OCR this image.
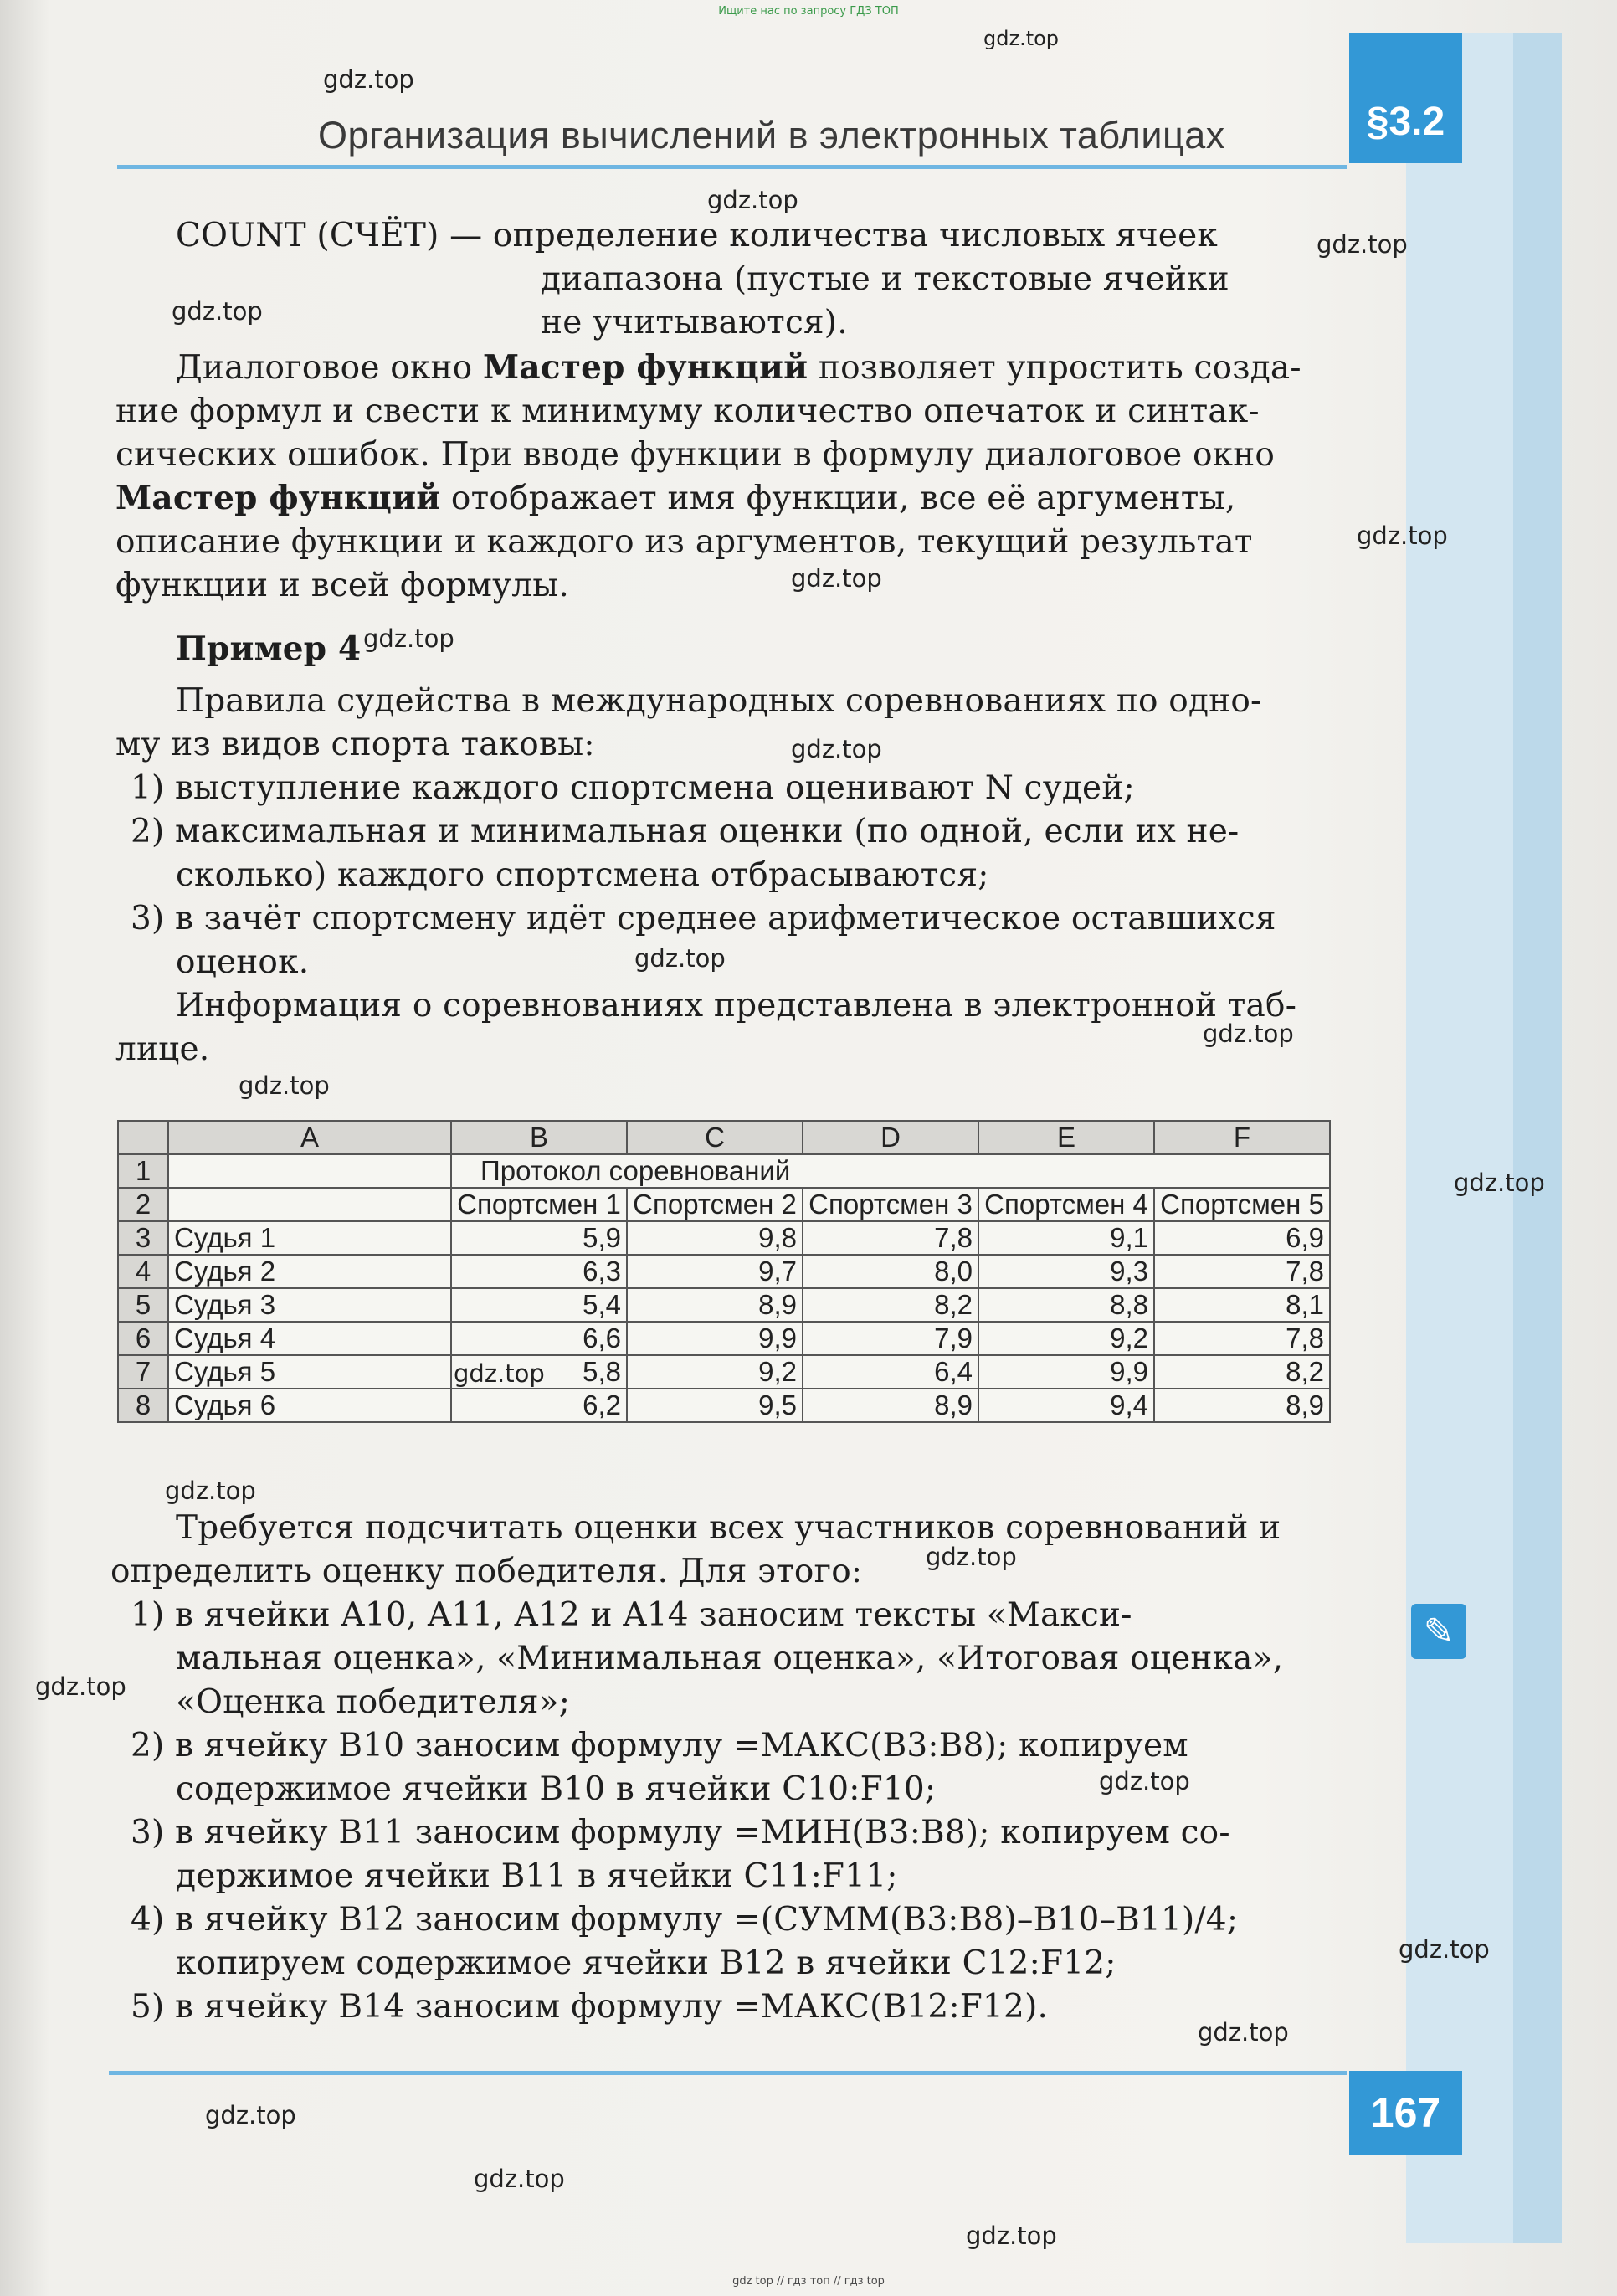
Ищите нас по запросу ГДЗ ТОП
Организация вычислений в электронных таблицах	§3.2
COUNT (СЧЁТ) — определение количества числовых ячеек
диапазона (пустые и текстовые ячейки
не учитываются).
Диалоговое окно Мастер функций позволяет упростить созда-
ние формул и свести к минимуму количество опечаток и синтак-
сических ошибок. При вводе функции в формулу диалоговое окно
Мастер функций отображает имя функции, все её аргументы,
описание функции и каждого из аргументов, текущий результат
функции и всей формулы.
Пример 4
Правила судейства в международных соревнованиях по одно-
му из видов спорта таковы:
1) выступление каждого спортсмена оценивают N судей;
2) максимальная и минимальная оценки (по одной, если их не-
сколько) каждого спортсмена отбрасываются;
3) в зачёт спортсмену идёт среднее арифметическое оставшихся
оценок.
Информация о соревнованиях представлена в электронной таб-
лице.
	A	B	C	D	E	F
1		Протокол соревнований				
2		Спортсмен 1	Спортсмен 2	Спортсмен 3	Спортсмен 4	Спортсмен 5
3	Судья 1	5,9	9,8	7,8	9,1	6,9
4	Судья 2	6,3	9,7	8,0	9,3	7,8
5	Судья 3	5,4	8,9	8,2	8,8	8,1
6	Судья 4	6,6	9,9	7,9	9,2	7,8
7	Судья 5	5,8	9,2	6,4	9,9	8,2
8	Судья 6	6,2	9,5	8,9	9,4	8,9
Требуется подсчитать оценки всех участников соревнований и
определить оценку победителя. Для этого:
1) в ячейки A10, A11, A12 и A14 заносим тексты «Макси-
мальная оценка», «Минимальная оценка», «Итоговая оценка»,
«Оценка победителя»;
2) в ячейку B10 заносим формулу =МАКС(B3:B8); копируем
содержимое ячейки B10 в ячейки C10:F10;
3) в ячейку B11 заносим формулу =МИН(B3:B8); копируем со-
держимое ячейки B11 в ячейки C11:F11;
4) в ячейку B12 заносим формулу =(СУММ(B3:B8)–B10–B11)/4;
копируем содержимое ячейки B12 в ячейки C12:F12;
5) в ячейку B14 заносим формулу =МАКС(B12:F12).
✎
167
gdz.top
gdz.top
gdz.top
gdz.top
gdz.top
gdz.top
gdz.top
gdz.top
gdz.top
gdz.top
gdz.top
gdz.top
gdz.top
gdz.top
gdz.top
gdz.top
gdz.top
gdz.top
gdz.top
gdz.top
gdz.top
gdz.top
gdz.top
gdz top // гдз топ // гдз top
